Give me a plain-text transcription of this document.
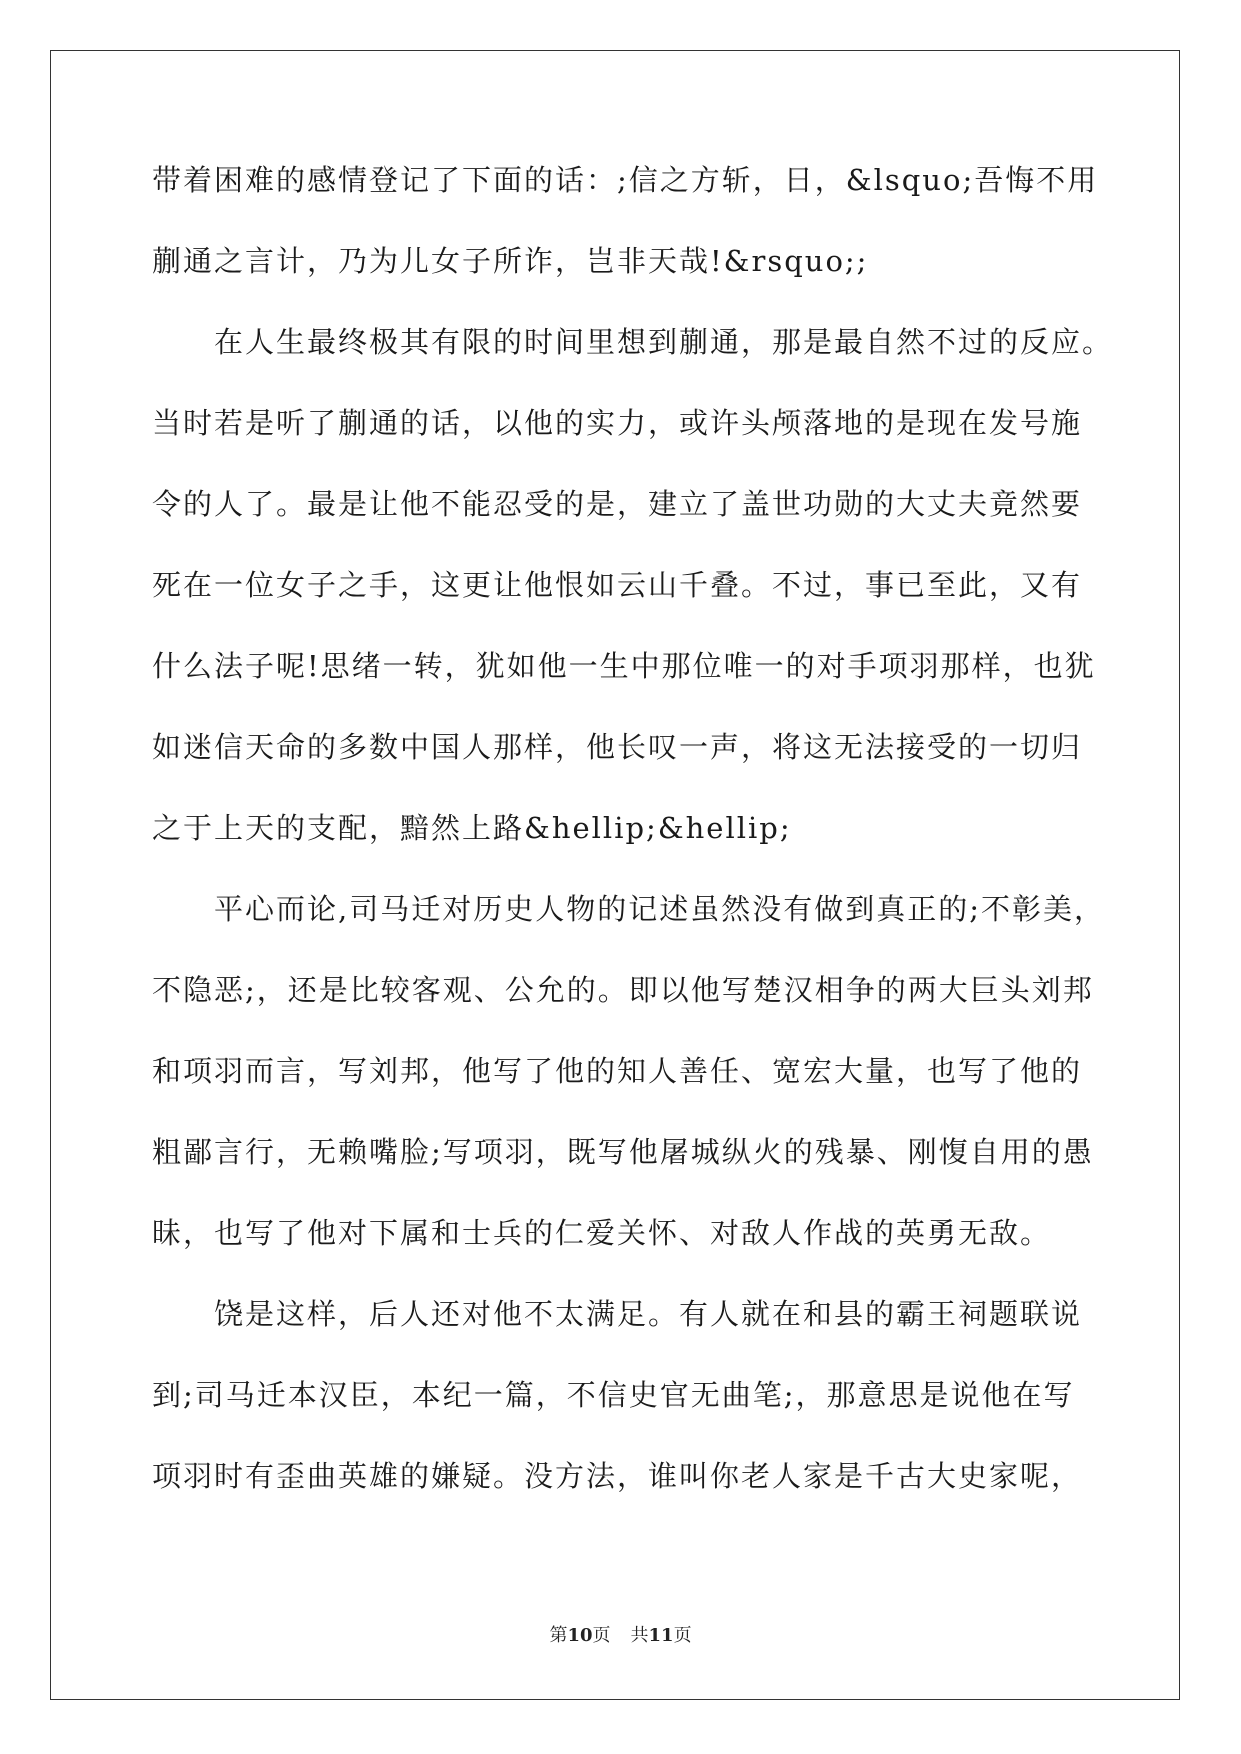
带着困难的感情登记了下面的话：;信之方斩，日，&lsquo;吾悔不用
蒯通之言计，乃为儿女子所诈，岂非天哉!&rsquo;;
　　在人生最终极其有限的时间里想到蒯通，那是最自然不过的反应。
当时若是听了蒯通的话，以他的实力，或许头颅落地的是现在发号施
令的人了。最是让他不能忍受的是，建立了盖世功勋的大丈夫竟然要
死在一位女子之手，这更让他恨如云山千叠。不过，事已至此，又有
什么法子呢!思绪一转，犹如他一生中那位唯一的对手项羽那样，也犹
如迷信天命的多数中国人那样，他长叹一声，将这无法接受的一切归
之于上天的支配，黯然上路&hellip;&hellip;
　　平心而论,司马迁对历史人物的记述虽然没有做到真正的;不彰美，
不隐恶;，还是比较客观、公允的。即以他写楚汉相争的两大巨头刘邦
和项羽而言，写刘邦，他写了他的知人善任、宽宏大量，也写了他的
粗鄙言行，无赖嘴脸;写项羽，既写他屠城纵火的残暴、刚愎自用的愚
昧，也写了他对下属和士兵的仁爱关怀、对敌人作战的英勇无敌。
　　饶是这样，后人还对他不太满足。有人就在和县的霸王祠题联说
到;司马迁本汉臣，本纪一篇，不信史官无曲笔;，那意思是说他在写
项羽时有歪曲英雄的嫌疑。没方法，谁叫你老人家是千古大史家呢，
第10页 共11页
